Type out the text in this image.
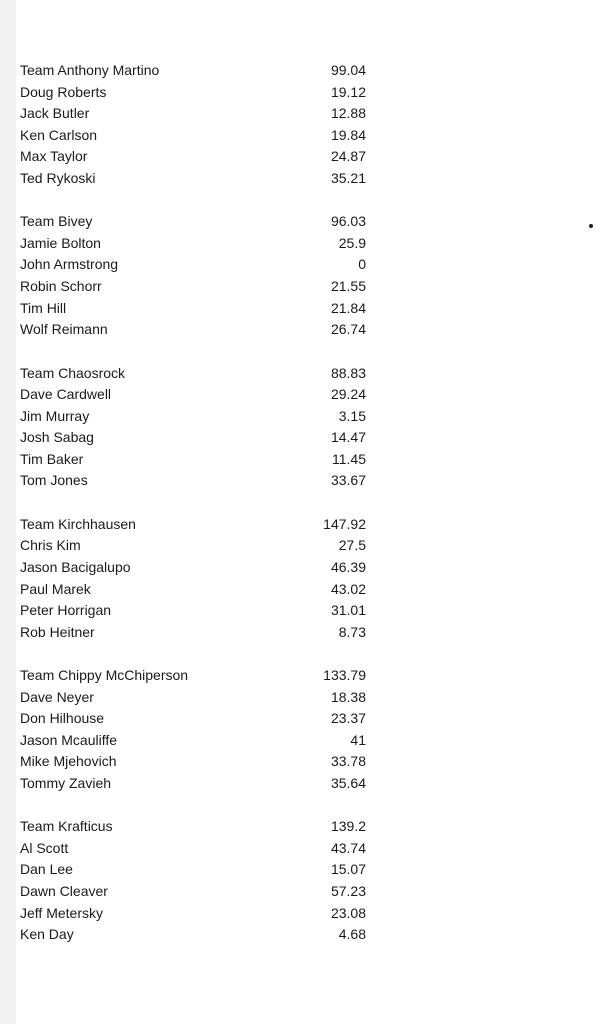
Team Anthony Martino	99.04
Doug Roberts	19.12
Jack Butler	12.88
Ken Carlson	19.84
Max Taylor	24.87
Ted Rykoski	35.21
Team Bivey	96.03
Jamie Bolton	25.9
John Armstrong	0
Robin Schorr	21.55
Tim Hill	21.84
Wolf Reimann	26.74
Team Chaosrock	88.83
Dave Cardwell	29.24
Jim Murray	3.15
Josh Sabag	14.47
Tim Baker	11.45
Tom Jones	33.67
Team Kirchhausen	147.92
Chris Kim	27.5
Jason Bacigalupo	46.39
Paul Marek	43.02
Peter Horrigan	31.01
Rob Heitner	8.73
Team Chippy McChiperson	133.79
Dave Neyer	18.38
Don Hilhouse	23.37
Jason Mcauliffe	41
Mike Mjehovich	33.78
Tommy Zavieh	35.64
Team Krafticus	139.2
Al Scott	43.74
Dan Lee	15.07
Dawn Cleaver	57.23
Jeff Metersky	23.08
Ken Day	4.68
